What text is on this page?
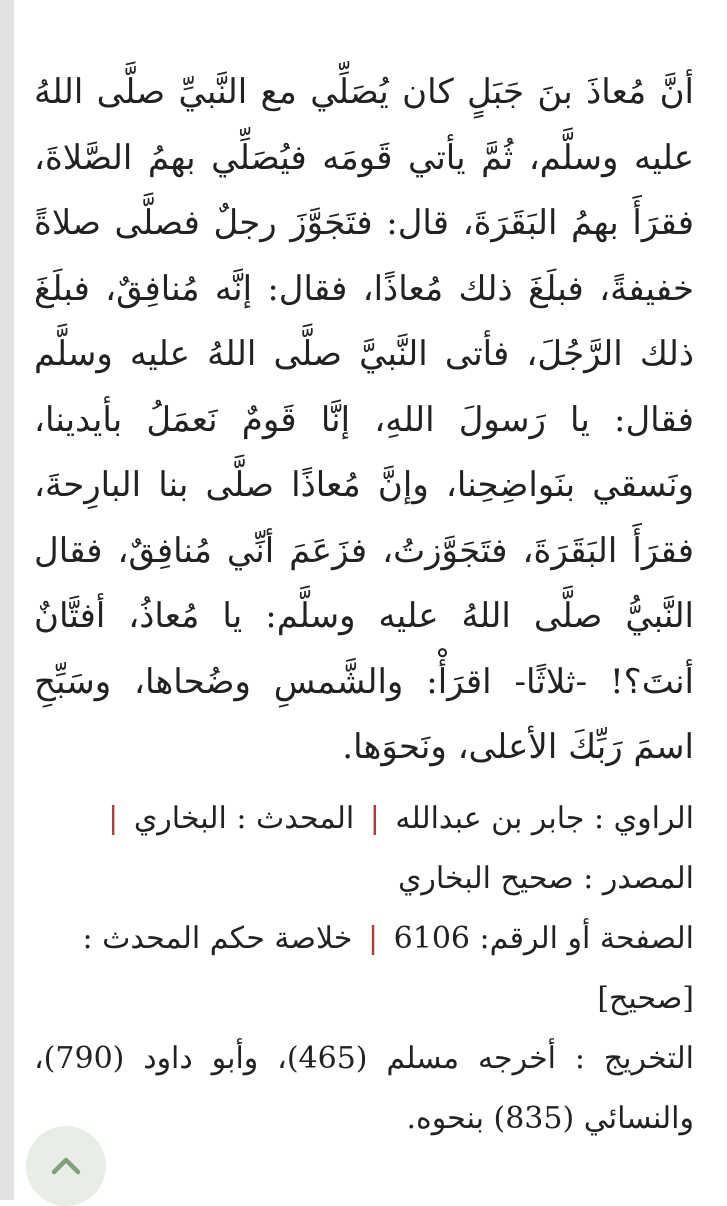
أنَّ مُعاذَ بنَ جَبَلٍ كان يُصَلِّي مع النَّبيِّ صلَّى اللهُ عليه وسلَّم، ثُمَّ يأتي قَومَه فيُصَلِّي بهمُ الصَّلاةَ، فقرَأَ بهمُ البَقَرَةَ، قال: فتَجَوَّزَ رجلٌ فصلَّى صلاةً خفيفةً، فبلَغَ ذلك مُعاذًا، فقال: إنَّه مُنافِقٌ، فبلَغَ ذلك الرَّجُلَ، فأتى النَّبيَّ صلَّى اللهُ عليه وسلَّم فقال: يا رَسولَ اللهِ، إنَّا قَومٌ نَعمَلُ بأيدينا، ونَسقي بنَواضِحِنا، وإنَّ مُعاذًا صلَّى بنا البارِحةَ، فقرَأَ البَقَرَةَ، فتَجَوَّزتُ، فزَعَمَ أنِّي مُنافِقٌ، فقال النَّبيُّ صلَّى اللهُ عليه وسلَّم: يا مُعاذُ، أفتَّانٌ أنتَ؟! -ثلاثًا- اقرَأْ: والشَّمسِ وضُحاها، وسَبِّحِ اسمَ رَبِّكَ الأعلى، ونَحوَها.

الراوي : جابر بن عبدالله | المحدث : البخاري |

المصدر : صحيح البخاري

الصفحة أو الرقم: 6106 | خلاصة حكم المحدث :
[صحيح]

التخريج : أخرجه مسلم (465)، وأبو داود (790)، والنسائي (835) بنحوه.
